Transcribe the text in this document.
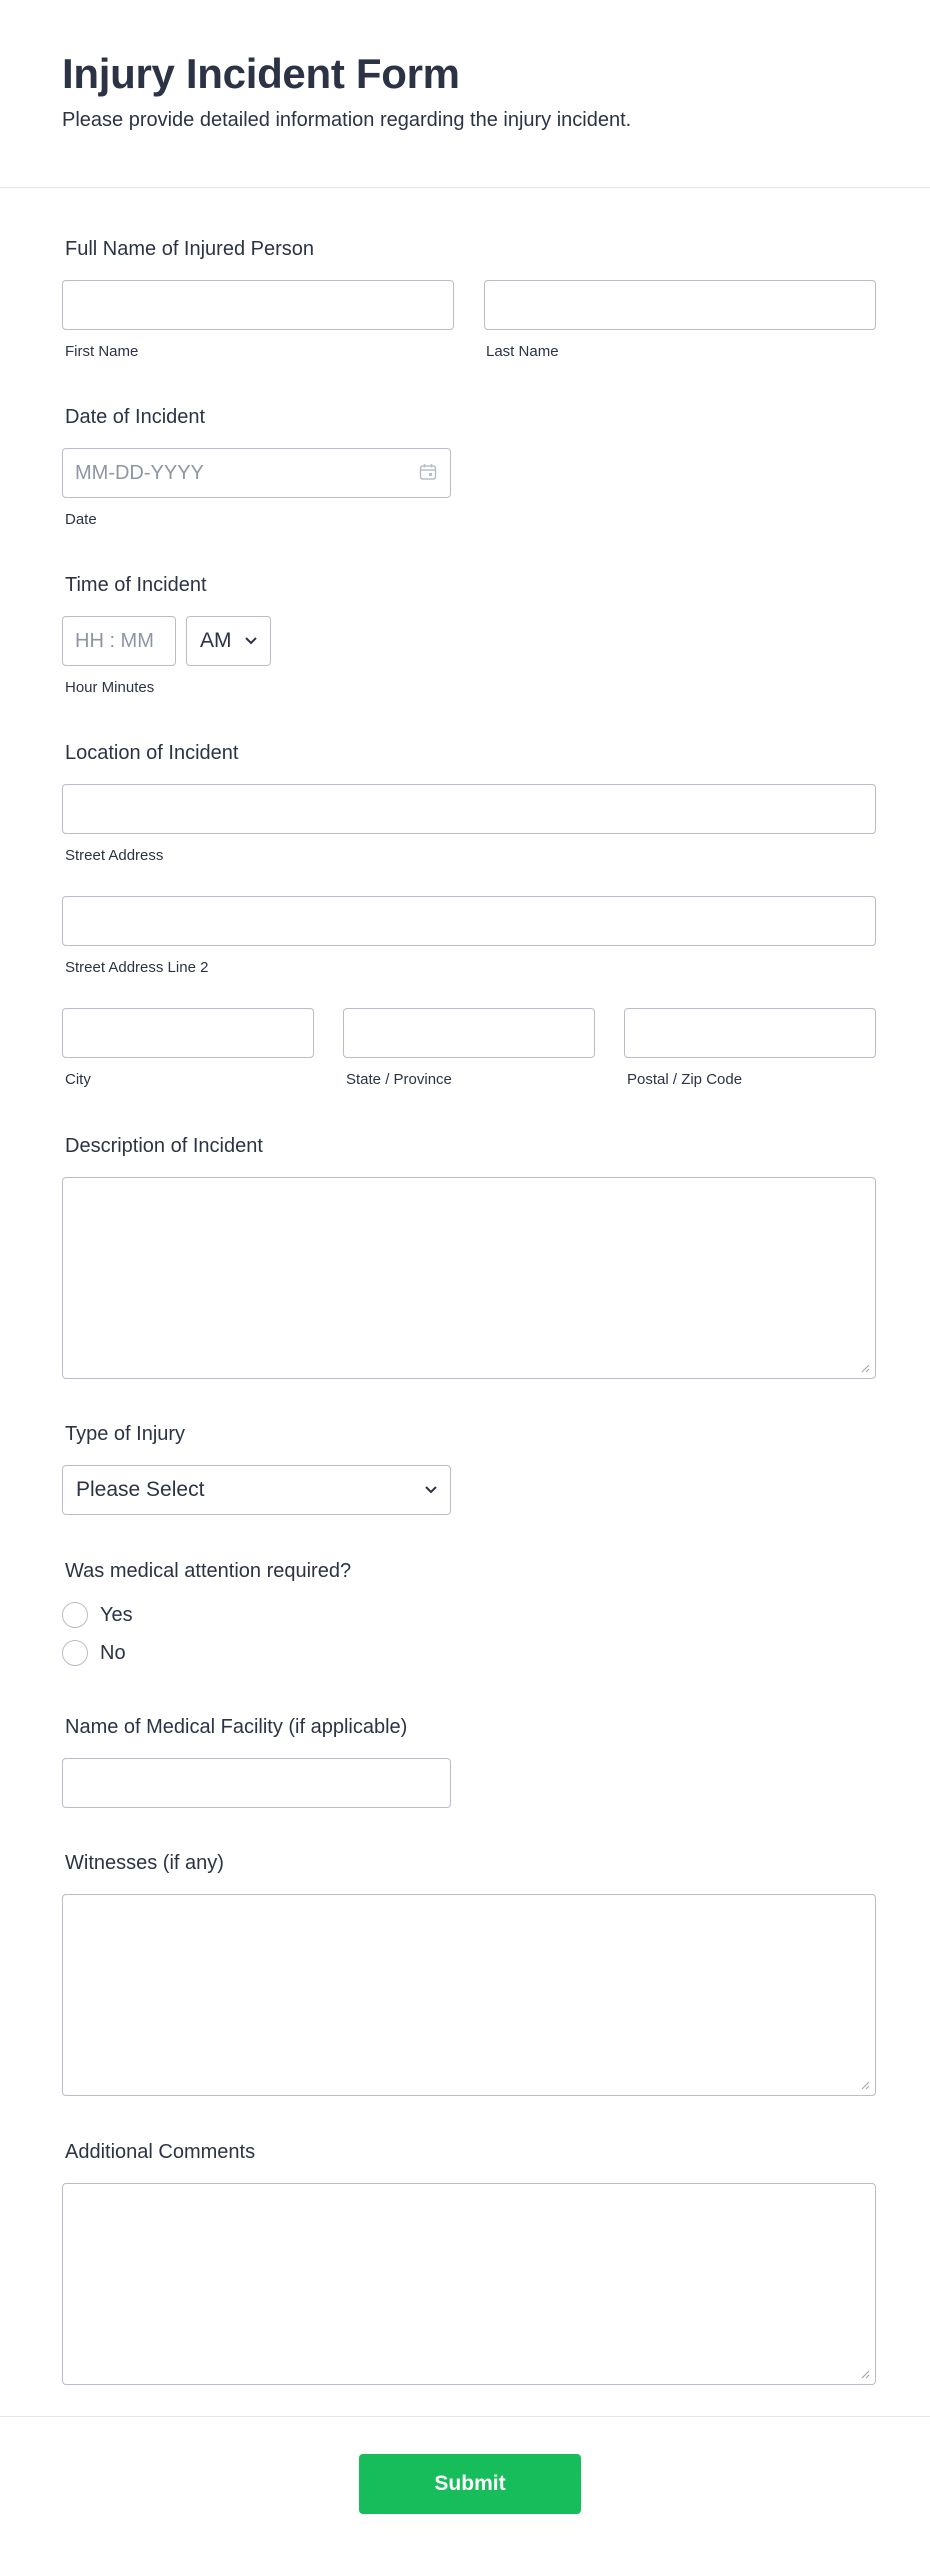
Injury Incident Form
Please provide detailed information regarding the injury incident.
Full Name of Injured Person
First Name	Last Name
Date of Incident
MM-DD-YYYY
Date
Time of Incident
HH : MM
AM
Hour Minutes
Location of Incident
Street Address
Street Address Line 2
City	State / Province	Postal / Zip Code
Description of Incident
Type of Injury
Please Select
Was medical attention required?
Yes
No
Name of Medical Facility (if applicable)
Witnesses (if any)
Additional Comments
Submit
